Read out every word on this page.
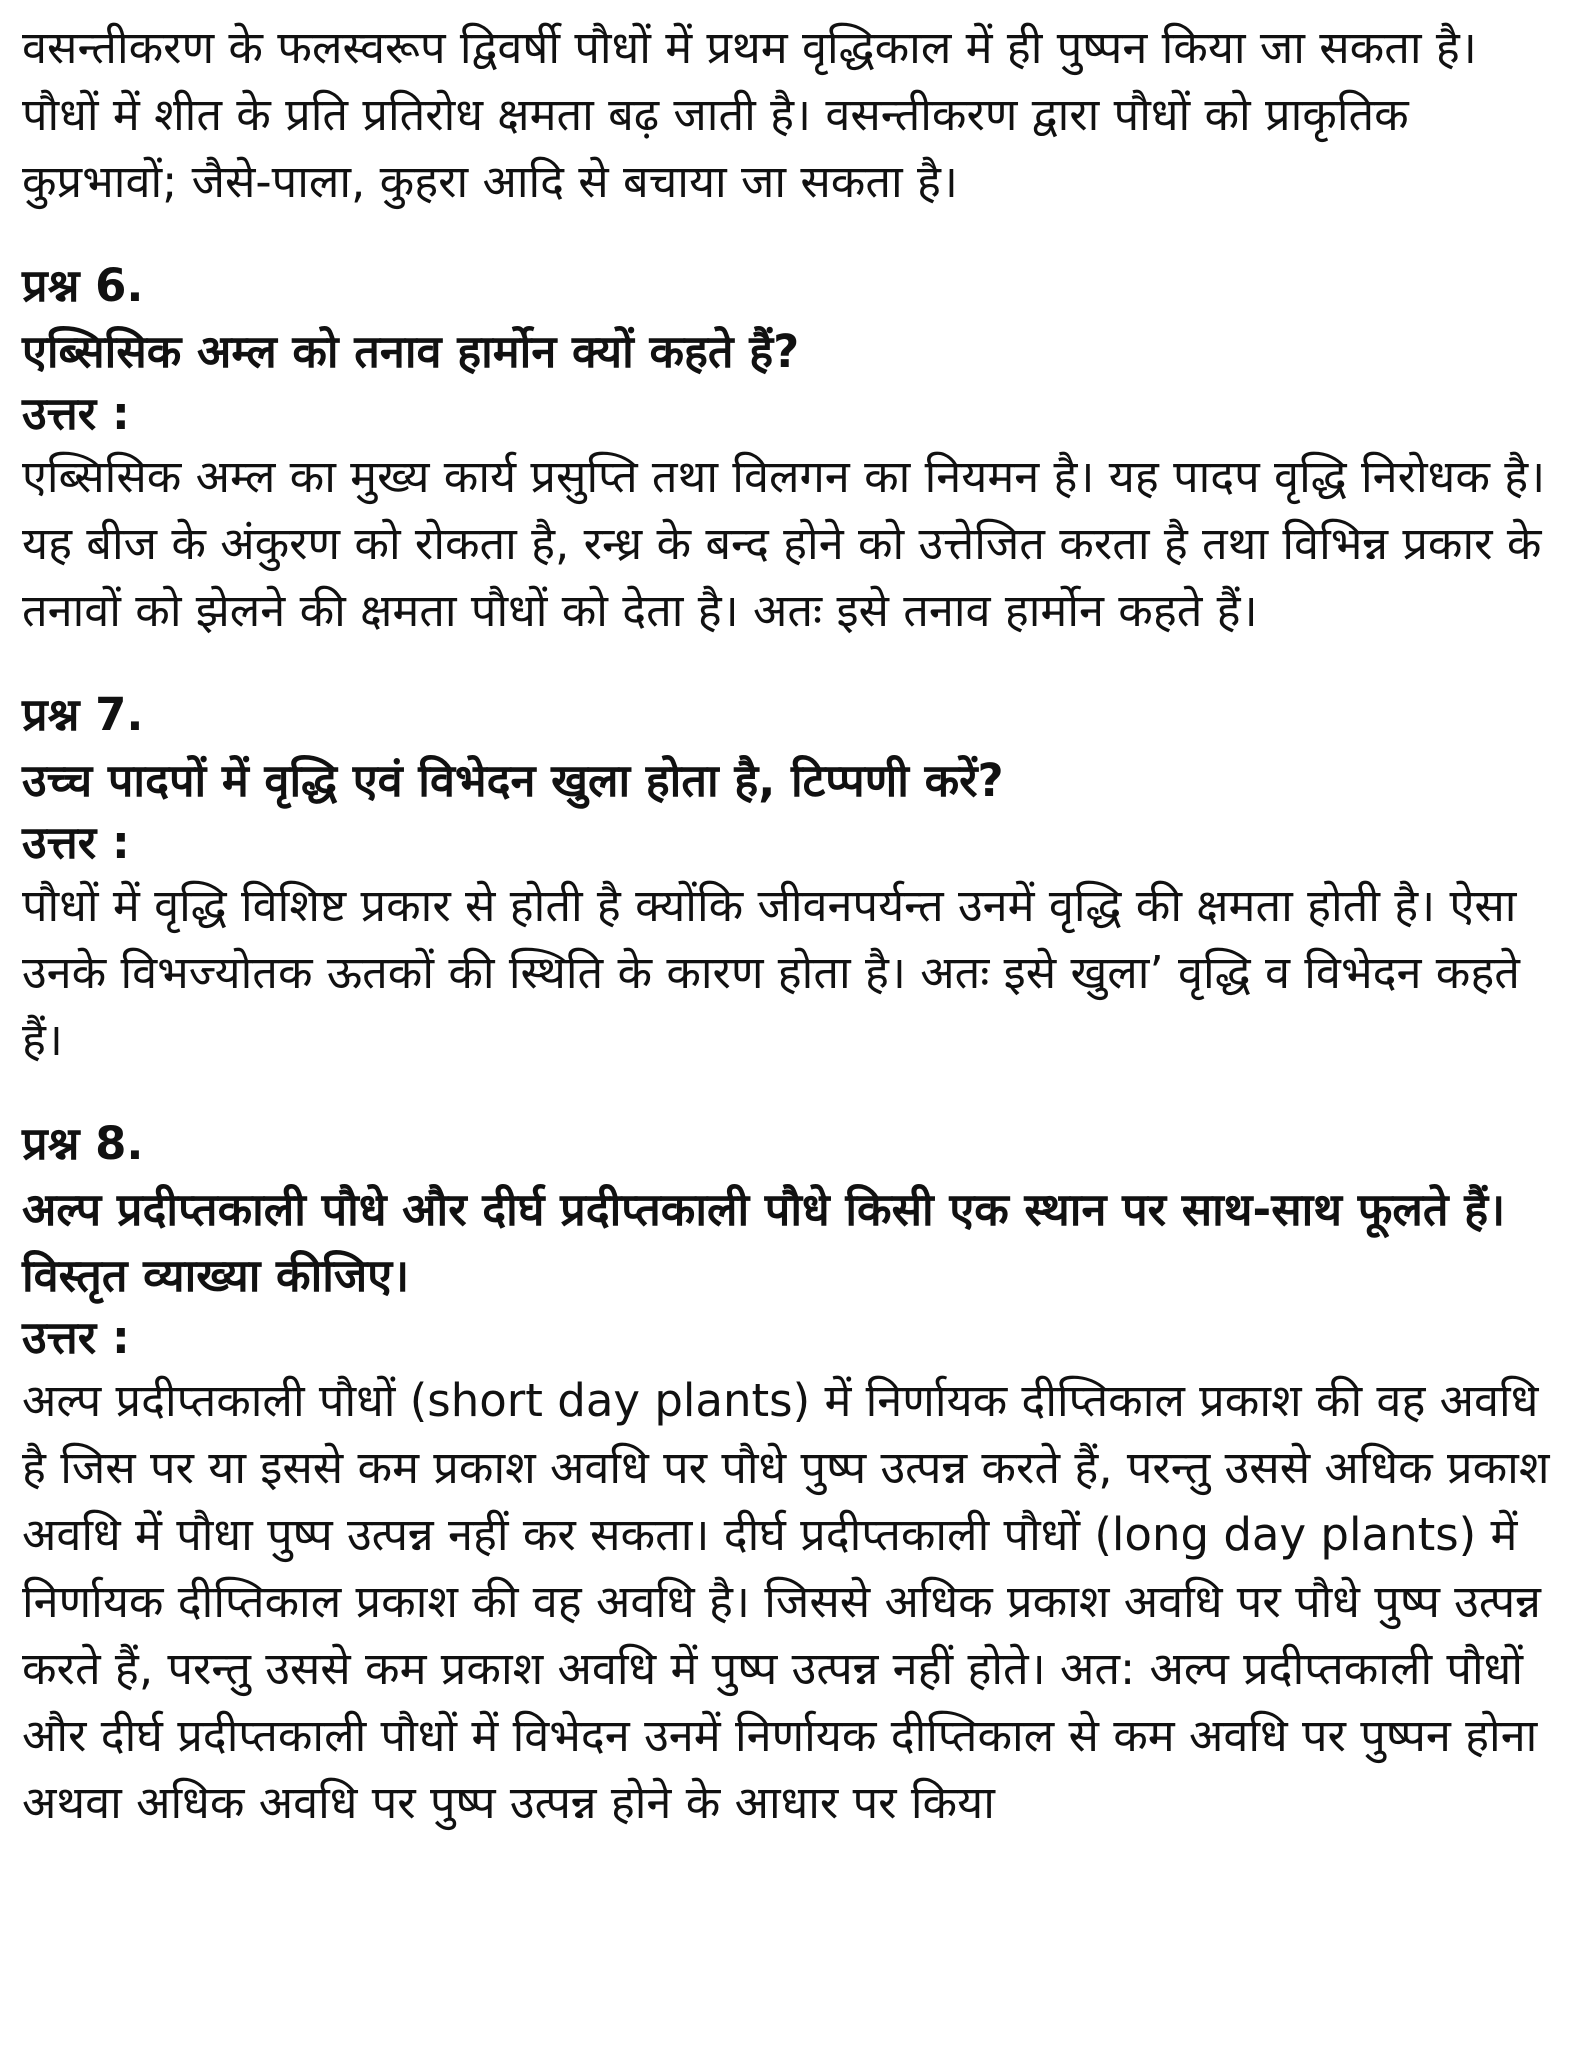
वसन्तीकरण के फलस्वरूप द्विवर्षी पौधों में प्रथम वृद्धिकाल में ही पुष्पन किया जा सकता है। पौधों में शीत के प्रति प्रतिरोध क्षमता बढ़ जाती है। वसन्तीकरण द्वारा पौधों को प्राकृतिक कुप्रभावों; जैसे-पाला, कुहरा आदि से बचाया जा सकता है।

प्रश्न 6.

एब्सिसिक अम्ल को तनाव हार्मोन क्यों कहते हैं?

उत्तर :

एब्सिसिक अम्ल का मुख्य कार्य प्रसुप्ति तथा विलगन का नियमन है। यह पादप वृद्धि निरोधक है। यह बीज के अंकुरण को रोकता है, रन्ध्र के बन्द होने को उत्तेजित करता है तथा विभिन्न प्रकार के तनावों को झेलने की क्षमता पौधों को देता है। अतः इसे तनाव हार्मोन कहते हैं।

प्रश्न 7.

उच्च पादपों में वृद्धि एवं विभेदन खुला होता है, टिप्पणी करें?

उत्तर :

पौधों में वृद्धि विशिष्ट प्रकार से होती है क्योंकि जीवनपर्यन्त उनमें वृद्धि की क्षमता होती है। ऐसा उनके विभज्योतक ऊतकों की स्थिति के कारण होता है। अतः इसे खुला’ वृद्धि व विभेदन कहते हैं।

प्रश्न 8.

अल्प प्रदीप्तकाली पौधे और दीर्घ प्रदीप्तकाली पौधे किसी एक स्थान पर साथ-साथ फूलते हैं। विस्तृत व्याख्या कीजिए।

उत्तर :

अल्प प्रदीप्तकाली पौधों (short day plants) में निर्णायक दीप्तिकाल प्रकाश की वह अवधि है जिस पर या इससे कम प्रकाश अवधि पर पौधे पुष्प उत्पन्न करते हैं, परन्तु उससे अधिक प्रकाश अवधि में पौधा पुष्प उत्पन्न नहीं कर सकता। दीर्घ प्रदीप्तकाली पौधों (long day plants) में निर्णायक दीप्तिकाल प्रकाश की वह अवधि है। जिससे अधिक प्रकाश अवधि पर पौधे पुष्प उत्पन्न करते हैं, परन्तु उससे कम प्रकाश अवधि में पुष्प उत्पन्न नहीं होते। अत: अल्प प्रदीप्तकाली पौधों और दीर्घ प्रदीप्तकाली पौधों में विभेदन उनमें निर्णायक दीप्तिकाल से कम अवधि पर पुष्पन होना अथवा अधिक अवधि पर पुष्प उत्पन्न होने के आधार पर किया
